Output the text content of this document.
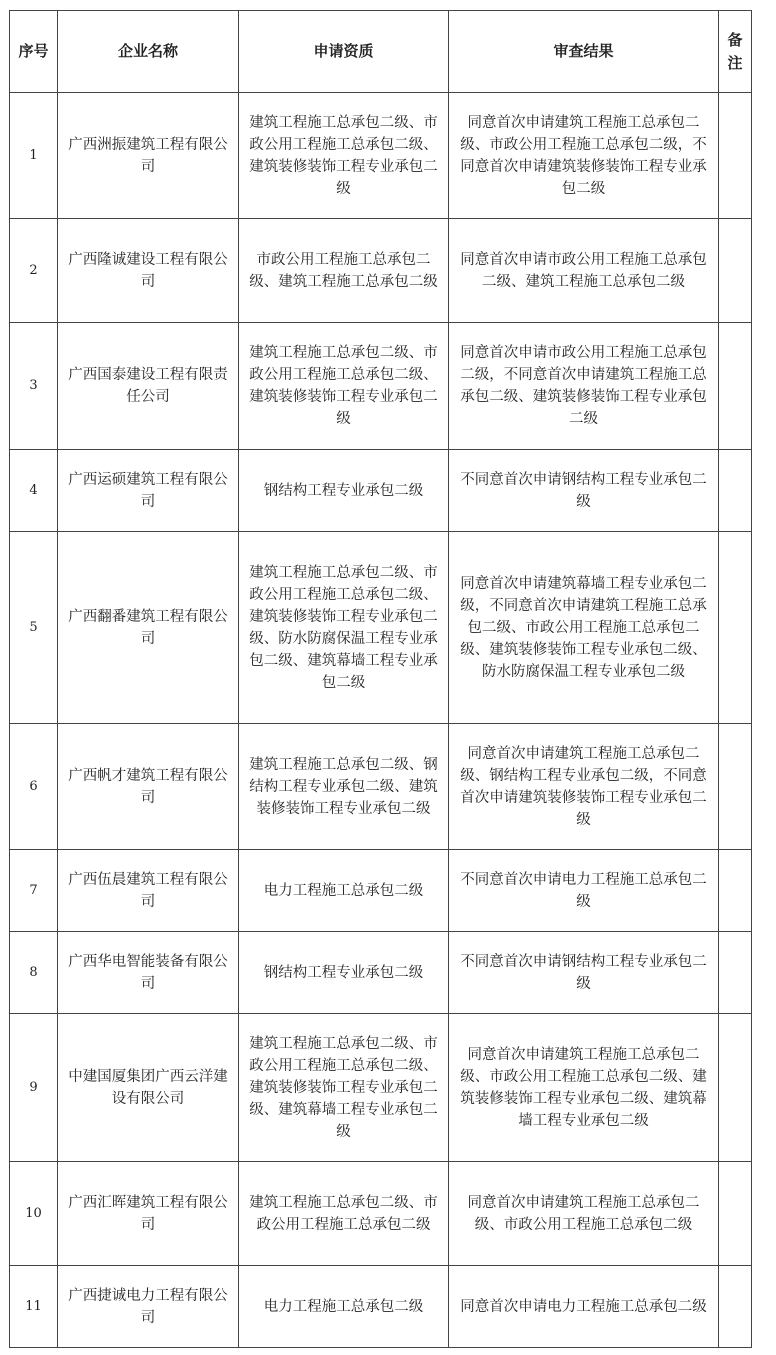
序号	企业名称	申请资质	审查结果	备注
1	广西洲振建筑工程有限公司	建筑工程施工总承包二级、市政公用工程施工总承包二级、建筑装修装饰工程专业承包二级	同意首次申请建筑工程施工总承包二级、市政公用工程施工总承包二级，不同意首次申请建筑装修装饰工程专业承包二级	
2	广西隆诚建设工程有限公司	市政公用工程施工总承包二级、建筑工程施工总承包二级	同意首次申请市政公用工程施工总承包二级、建筑工程施工总承包二级	
3	广西国泰建设工程有限责任公司	建筑工程施工总承包二级、市政公用工程施工总承包二级、建筑装修装饰工程专业承包二级	同意首次申请市政公用工程施工总承包二级，不同意首次申请建筑工程施工总承包二级、建筑装修装饰工程专业承包二级	
4	广西运硕建筑工程有限公司	钢结构工程专业承包二级	不同意首次申请钢结构工程专业承包二级	
5	广西翻番建筑工程有限公司	建筑工程施工总承包二级、市政公用工程施工总承包二级、建筑装修装饰工程专业承包二级、防水防腐保温工程专业承包二级、建筑幕墙工程专业承包二级	同意首次申请建筑幕墙工程专业承包二级，不同意首次申请建筑工程施工总承包二级、市政公用工程施工总承包二级、建筑装修装饰工程专业承包二级、防水防腐保温工程专业承包二级	
6	广西帆才建筑工程有限公司	建筑工程施工总承包二级、钢结构工程专业承包二级、建筑装修装饰工程专业承包二级	同意首次申请建筑工程施工总承包二级、钢结构工程专业承包二级，不同意首次申请建筑装修装饰工程专业承包二级	
7	广西伍晨建筑工程有限公司	电力工程施工总承包二级	不同意首次申请电力工程施工总承包二级	
8	广西华电智能装备有限公司	钢结构工程专业承包二级	不同意首次申请钢结构工程专业承包二级	
9	中建国厦集团广西云洋建设有限公司	建筑工程施工总承包二级、市政公用工程施工总承包二级、建筑装修装饰工程专业承包二级、建筑幕墙工程专业承包二级	同意首次申请建筑工程施工总承包二级、市政公用工程施工总承包二级、建筑装修装饰工程专业承包二级、建筑幕墙工程专业承包二级	
10	广西汇晖建筑工程有限公司	建筑工程施工总承包二级、市政公用工程施工总承包二级	同意首次申请建筑工程施工总承包二级、市政公用工程施工总承包二级	
11	广西捷诚电力工程有限公司	电力工程施工总承包二级	同意首次申请电力工程施工总承包二级	
